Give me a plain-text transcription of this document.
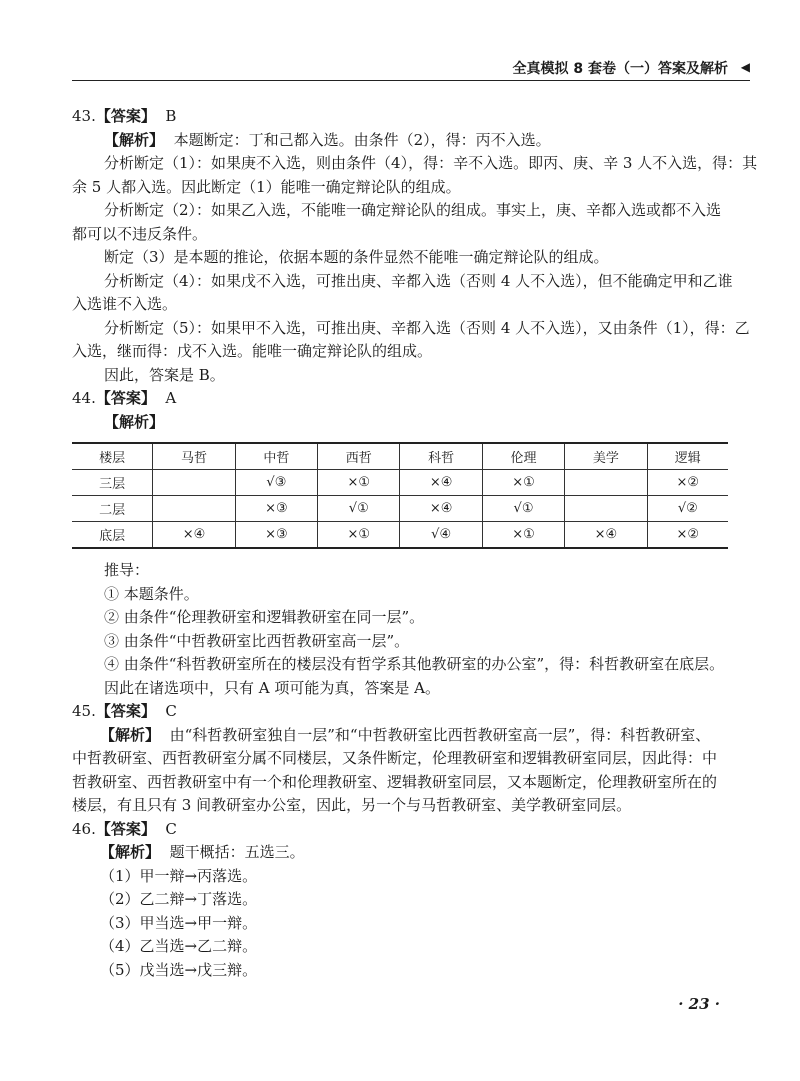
全真模拟 8 套卷（一）答案及解析 ◀
43.【答案】 B
【解析】 本题断定：丁和己都入选。由条件（2），得：丙不入选。
分析断定（1）：如果庚不入选，则由条件（4），得：辛不入选。即丙、庚、辛 3 人不入选，得：其
余 5 人都入选。因此断定（1）能唯一确定辩论队的组成。
分析断定（2）：如果乙入选，不能唯一确定辩论队的组成。事实上，庚、辛都入选或都不入选
都可以不违反条件。
断定（3）是本题的推论，依据本题的条件显然不能唯一确定辩论队的组成。
分析断定（4）：如果戊不入选，可推出庚、辛都入选（否则 4 人不入选），但不能确定甲和乙谁
入选谁不入选。
分析断定（5）：如果甲不入选，可推出庚、辛都入选（否则 4 人不入选），又由条件（1），得：乙
入选，继而得：戊不入选。能唯一确定辩论队的组成。
因此，答案是 B。
44.【答案】 A
【解析】
楼层	马哲	中哲	西哲	科哲	伦理	美学	逻辑
三层		√③	×①	×④	×①		×②
二层		×③	√①	×④	√①		√②
底层	×④	×③	×①	√④	×①	×④	×②
推导：
① 本题条件。
② 由条件“伦理教研室和逻辑教研室在同一层”。
③ 由条件“中哲教研室比西哲教研室高一层”。
④ 由条件“科哲教研室所在的楼层没有哲学系其他教研室的办公室”，得：科哲教研室在底层。
因此在诸选项中，只有 A 项可能为真，答案是 A。
45.【答案】 C
【解析】 由“科哲教研室独自一层”和“中哲教研室比西哲教研室高一层”，得：科哲教研室、
中哲教研室、西哲教研室分属不同楼层，又条件断定，伦理教研室和逻辑教研室同层，因此得：中
哲教研室、西哲教研室中有一个和伦理教研室、逻辑教研室同层，又本题断定，伦理教研室所在的
楼层，有且只有 3 间教研室办公室，因此，另一个与马哲教研室、美学教研室同层。
46.【答案】 C
【解析】 题干概括：五选三。
（1）甲一辩→丙落选。
（2）乙二辩→丁落选。
（3）甲当选→甲一辩。
（4）乙当选→乙二辩。
（5）戊当选→戊三辩。
· 23 ·
